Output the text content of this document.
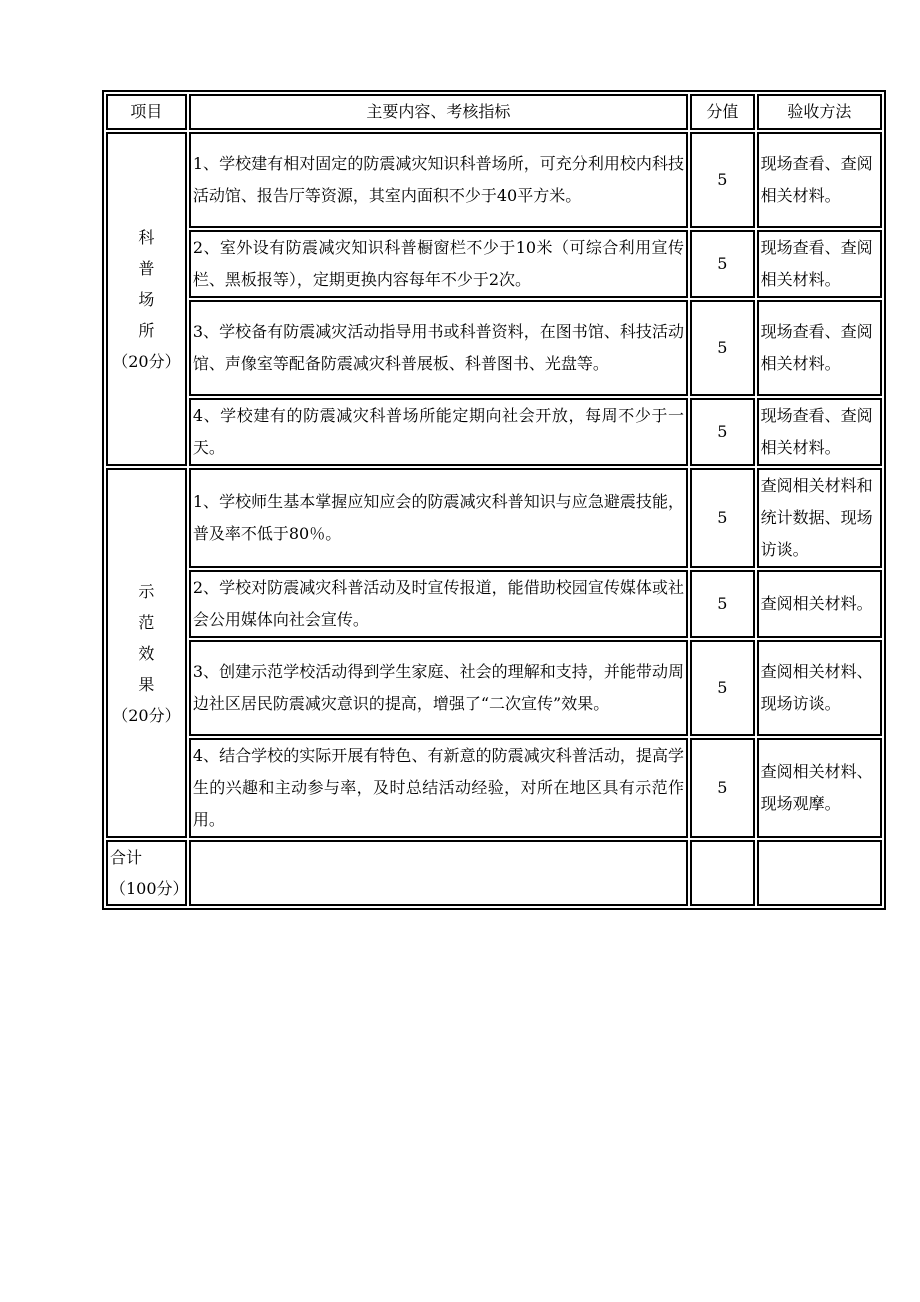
项目	主要内容、考核指标	分值	验收方法

科
普
场
所
（20分）	1、学校建有相对固定的防震减灾知识科普场所，可充分利用校内科技活动馆、报告厅等资源，其室内面积不少于40平方米。	5	现场查看、查阅相关材料。
	2、室外设有防震减灾知识科普橱窗栏不少于10米（可综合利用宣传栏、黑板报等），定期更换内容每年不少于2次。	5	现场查看、查阅相关材料。
	3、学校备有防震减灾活动指导用书或科普资料，在图书馆、科技活动馆、声像室等配备防震减灾科普展板、科普图书、光盘等。	5	现场查看、查阅相关材料。
	4、学校建有的防震减灾科普场所能定期向社会开放，每周不少于一天。	5	现场查看、查阅相关材料。

示
范
效
果
（20分）	1、学校师生基本掌握应知应会的防震减灾科普知识与应急避震技能，普及率不低于80％。	5	查阅相关材料和统计数据、现场访谈。
	2、学校对防震减灾科普活动及时宣传报道，能借助校园宣传媒体或社会公用媒体向社会宣传。	5	查阅相关材料。
	3、创建示范学校活动得到学生家庭、社会的理解和支持，并能带动周边社区居民防震减灾意识的提高，增强了“二次宣传”效果。	5	查阅相关材料、现场访谈。
	4、结合学校的实际开展有特色、有新意的防震减灾科普活动，提高学生的兴趣和主动参与率，及时总结活动经验，对所在地区具有示范作用。	5	查阅相关材料、现场观摩。

合计
（100分）			
